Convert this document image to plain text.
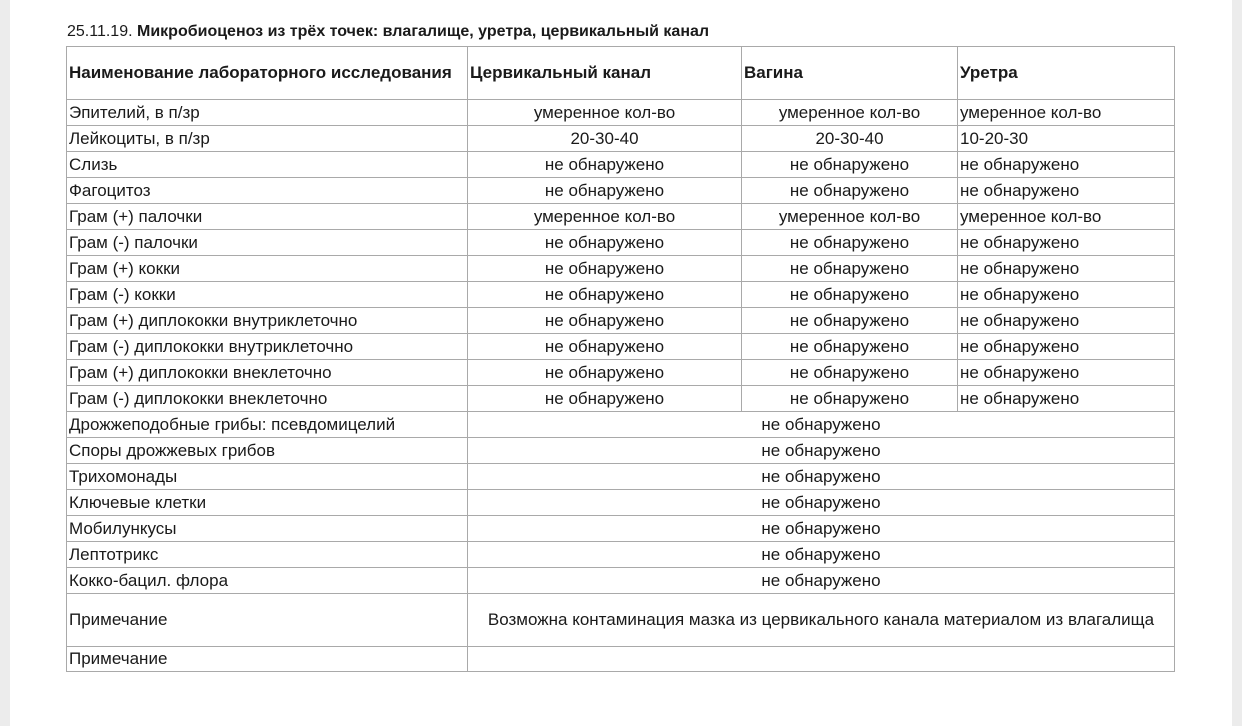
25.11.19. Микробиоценоз из трёх точек: влагалище, уретра, цервикальный канал
Наименование лабораторного исследования	Цервикальный канал	Вагина	Уретра
Эпителий, в п/зр	умеренное кол-во	умеренное кол-во	умеренное кол-во
Лейкоциты, в п/зр	20-30-40	20-30-40	10-20-30
Слизь	не обнаружено	не обнаружено	не обнаружено
Фагоцитоз	не обнаружено	не обнаружено	не обнаружено
Грам (+) палочки	умеренное кол-во	умеренное кол-во	умеренное кол-во
Грам (-) палочки	не обнаружено	не обнаружено	не обнаружено
Грам (+) кокки	не обнаружено	не обнаружено	не обнаружено
Грам (-) кокки	не обнаружено	не обнаружено	не обнаружено
Грам (+) диплококки внутриклеточно	не обнаружено	не обнаружено	не обнаружено
Грам (-) диплококки внутриклеточно	не обнаружено	не обнаружено	не обнаружено
Грам (+) диплококки внеклеточно	не обнаружено	не обнаружено	не обнаружено
Грам (-) диплококки внеклеточно	не обнаружено	не обнаружено	не обнаружено
Дрожжеподобные грибы: псевдомицелий	не обнаружено		
Споры дрожжевых грибов	не обнаружено		
Трихомонады	не обнаружено		
Ключевые клетки	не обнаружено		
Мобилункусы	не обнаружено		
Лептотрикс	не обнаружено		
Кокко-бацил. флора	не обнаружено		
Примечание	Возможна контаминация мазка из цервикального канала материалом из влагалища		
Примечание			
